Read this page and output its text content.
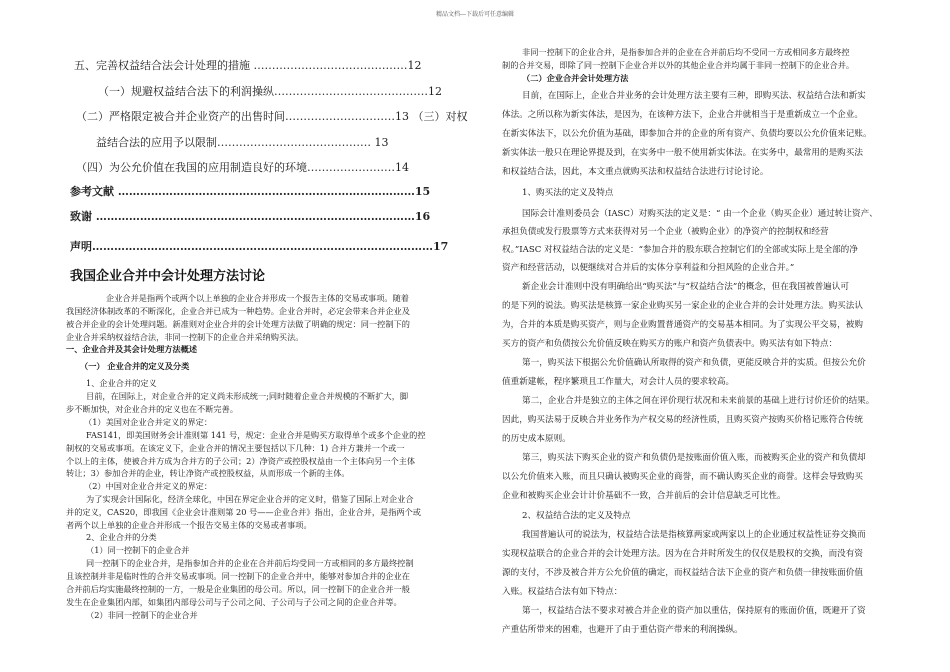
精品文档---下载后可任意编辑
五、完善权益结合法会计处理的措施 ……………………………………12
（一）规避权益结合法下的利润操纵……………………………………12
（二）严格限定被合并企业资产的出售时间…………………………13 （三）对权
益结合法的应用予以限制…………………………………… 13
（四）为公允价值在我国的应用制造良好的环境……………………14
参考文献 ………………………………………………………………………15
致谢 ……………………………………………………………………………16
声明…………………………………………………………………………………17
我国企业合并中会计处理方法讨论
企业合并是指两个或两个以上单独的企业合并形成一个报告主体的交易或事项。随着
我国经济体制改革的不断深化，企业合并已成为一种趋势。企业合并时，必定会带来合并企业及
被合并企业的会计处理问题。新准则对企业合并的会计处理方法做了明确的规定：同一控制下的
企业合并采纳权益结合法，非同一控制下的企业合并采纳购买法。
一、企业合并及其会计处理方法概述
（一） 企业合并的定义及分类
1、企业合并的定义
目前，在国际上，对企业合并的定义尚未形成统一;同时随着企业合并规模的不断扩大，脚
步不断加快，对企业合并的定义也在不断完善。
（1）美国对企业合并定义的界定：
FAS141，即美国财务会计准则第 141 号，规定：企业合并是购买方取得单个或多个企业的控
制权的交易或事项。在该定义下，企业合并的情况主要包括以下几种：1) 合并方兼并一个或一
个以上的主体，使被合并方成为合并方的子公司；2）净资产或控股权益由一个主体向另一个主体
转让；3）参加合并的企业，转让净资产或控股权益，从而形成一个新的主体。
（2）中国对企业合并定义的界定：
为了实现会计国际化，经济全球化，中国在界定企业合并的定义时，借鉴了国际上对企业合
并的定义，CAS20，即我国《企业会计准则第 20 号——企业合并》指出，企业合并，是指两个或
者两个以上单独的企业合并形成一个报告交易主体的交易或者事项。
2、企业合并的分类
（1）同一控制下的企业合并
同一控制下的企业合并，是指参加合并的企业在合并前后均受同一方或相同的多方最终控制
且该控制并非是临时性的合并交易或事项。同一控制下的企业合并中，能够对参加合并的企业在
合并前后均实施最终控制的一方，一般是企业集团的母公司。所以，同一控制下的企业合并一般
发生在企业集团内部，如集团内部母公司与子公司之间、子公司与子公司之间的企业合并等。
（2）非同一控制下的企业合并
非同一控制下的企业合并，是指参加合并的企业在合并前后均不受同一方或相同多方最终控
制的合并交易，即除了同一控制下企业合并以外的其他企业合并均属于非同一控制下的企业合并。
（二）企业合并会计处理方法
目前，在国际上，企业合并业务的会计处理方法主要有三种，即购买法、权益结合法和新实
体法。之所以称为新实体法，是因为，在该种方法下，企业合并就相当于是重新成立一个企业。
在新实体法下，以公允价值为基础，即参加合并的企业的所有资产、负债均要以公允价值来记账。
新实体法一般只在理论界提及到，在实务中一般不使用新实体法。在实务中，最常用的是购买法
和权益结合法，因此，本文重点就购买法和权益结合法进行讨论讨论。
1、购买法的定义及特点
国际会计准则委员会（IASC）对购买法的定义是：“ 由一个企业（购买企业）通过转让资产、
承担负债或发行股票等方式来获得对另一个企业（被购企业）的净资产的控制权和经营
权。”IASC 对权益结合法的定义是：“参加合并的股东联合控制它们的全部或实际上是全部的净
资产和经营活动，以便继续对合并后的实体分享利益和分担风险的企业合并。”
新企业会计准则中没有明确给出“购买法”与“权益结合法”的概念，但在我国被普遍认可
的是下列的说法。购买法是核算一家企业购买另一家企业的企业合并的会计处理方法。购买法认
为，合并的本质是购买资产，则与企业购置普通资产的交易基本相同。为了实现公平交易，被购
买方的资产和负债按公允价值反映在购买方的账户和资产负债表中。购买法有如下特点：
第一，购买法下根据公允价值确认所取得的资产和负债，更能反映合并的实质。但按公允价
值重新建帐，程序繁琐且工作量大，对会计人员的要求较高。
第二，企业合并是独立的主体之间在评价现行状况和未来前景的基础上进行讨价还价的结果。
因此，购买法易于反映合并业务作为产权交易的经济性质，且购买资产按购买价格记账符合传统
的历史成本原则。
第三，购买法下购买企业的资产和负债仍是按账面价值入账，而被购买企业的资产和负债却
以公允价值来入账，而且只确认被购买企业的商誉，而不确认购买企业的商誉。这样会导致购买
企业和被购买企业会计计价基础不一致，合并前后的会计信息缺乏可比性。
2、权益结合法的定义及特点
我国普遍认可的说法为，权益结合法是指核算两家或两家以上的企业通过权益性证券交换而
实现权益联合的企业合并的会计处理方法。因为在合并时所发生的仅仅是股权的交换，而没有资
源的支付，不涉及被合并方公允价值的确定，而权益结合法下企业的资产和负债一律按账面价值
入账。权益结合法有如下特点：
第一，权益结合法不要求对被合并企业的资产加以重估，保持原有的账面价值，既避开了资
产重估所带来的困难，也避开了由于重估资产带来的利润操纵。
